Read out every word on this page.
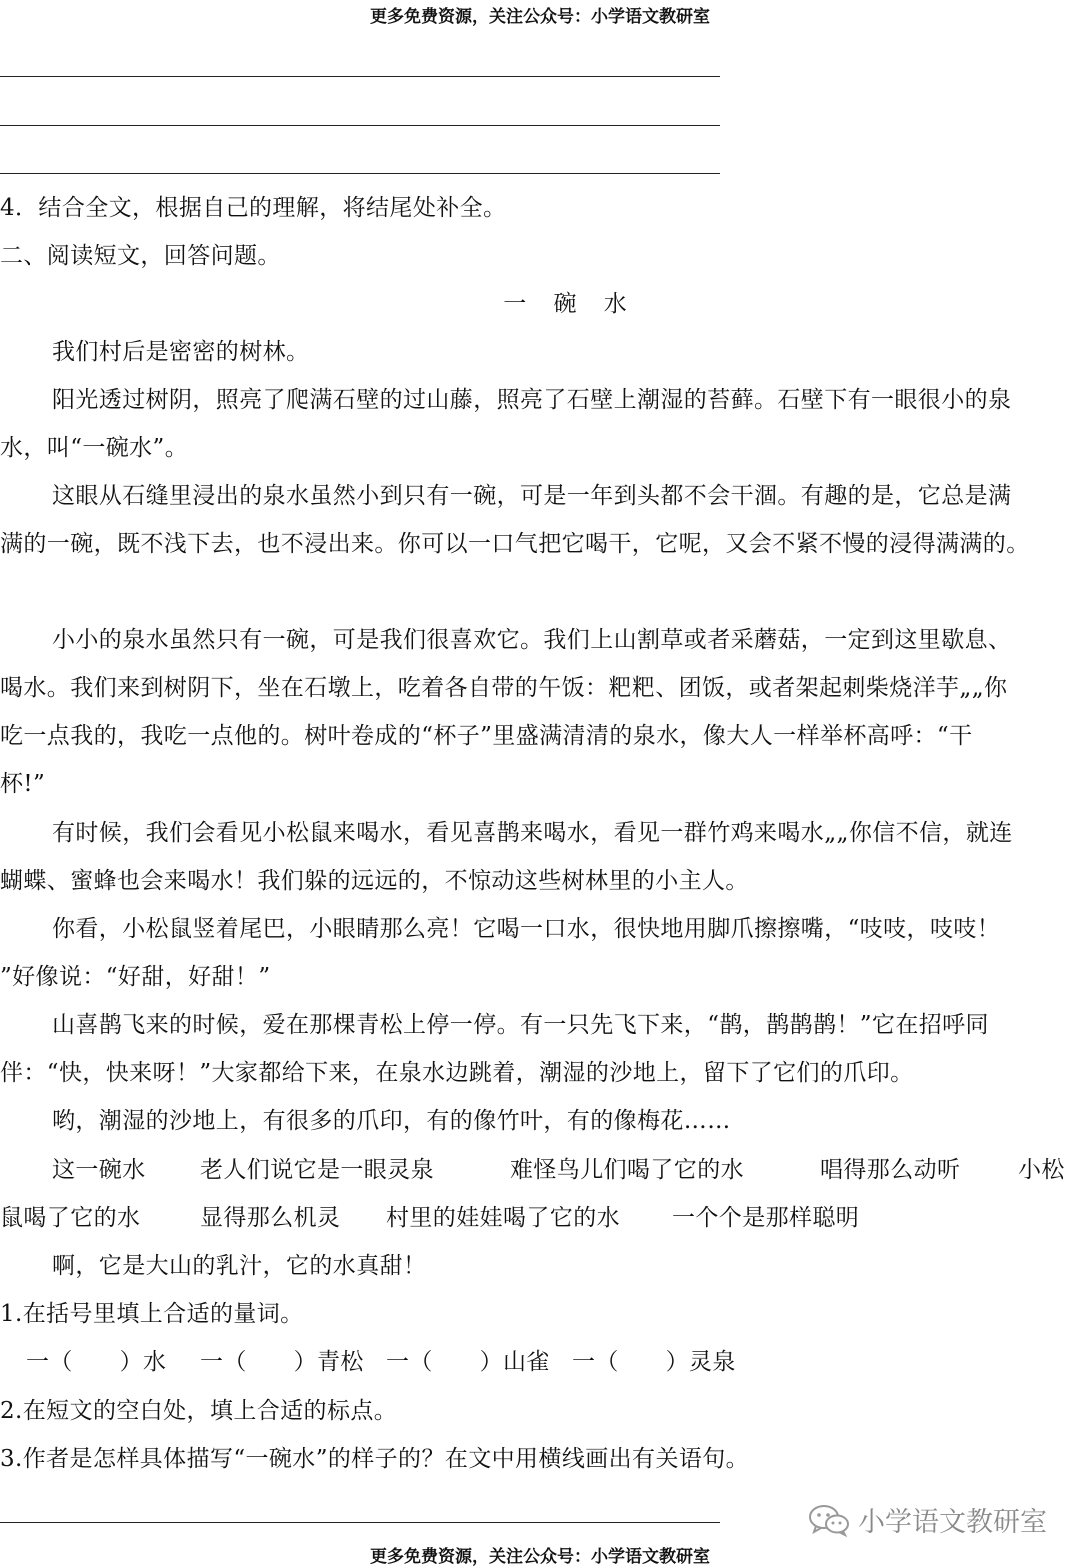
更多免费资源，关注公众号：小学语文教研室
4．结合全文，根据自己的理解，将结尾处补全。
二、阅读短文，回答问题。
一 碗 水
我们村后是密密的树林。
阳光透过树阴，照亮了爬满石壁的过山藤，照亮了石壁上潮湿的苔藓。石壁下有一眼很小的泉
水，叫“一碗水”。
这眼从石缝里浸出的泉水虽然小到只有一碗，可是一年到头都不会干涸。有趣的是，它总是满
满的一碗，既不浅下去，也不浸出来。你可以一口气把它喝干，它呢，又会不紧不慢的浸得满满的。
小小的泉水虽然只有一碗，可是我们很喜欢它。我们上山割草或者采蘑菇，一定到这里歇息、
喝水。我们来到树阴下，坐在石墩上，吃着各自带的午饭：粑粑、团饭，或者架起刺柴烧洋芋„„你
吃一点我的，我吃一点他的。树叶卷成的“杯子”里盛满清清的泉水，像大人一样举杯高呼：“干
杯!”
有时候，我们会看见小松鼠来喝水，看见喜鹊来喝水，看见一群竹鸡来喝水„„你信不信，就连
蝴蝶、蜜蜂也会来喝水！我们躲的远远的，不惊动这些树林里的小主人。
你看，小松鼠竖着尾巴，小眼睛那么亮！它喝一口水，很快地用脚爪擦擦嘴，“吱吱，吱吱！
”好像说：“好甜，好甜！”
山喜鹊飞来的时候，爱在那棵青松上停一停。有一只先飞下来，“鹊，鹊鹊鹊！”它在招呼同
伴：“快，快来呀！”大家都给下来，在泉水边跳着，潮湿的沙地上，留下了它们的爪印。
哟，潮湿的沙地上，有很多的爪印，有的像竹叶，有的像梅花……
这一碗水 老人们说它是一眼灵泉	难怪鸟儿们喝了它的水	唱得那么动听	小松
鼠喝了它的水	显得那么机灵 村里的娃娃喝了它的水 一个个是那样聪明
啊，它是大山的乳汁，它的水真甜！
1.在括号里填上合适的量词。
一（　　）水 一（　　）青松 一（　　）山雀 一（　　）灵泉
2.在短文的空白处，填上合适的标点。
3.作者是怎样具体描写“一碗水”的样子的？在文中用横线画出有关语句。
小学语文教研室
更多免费资源，关注公众号：小学语文教研室
